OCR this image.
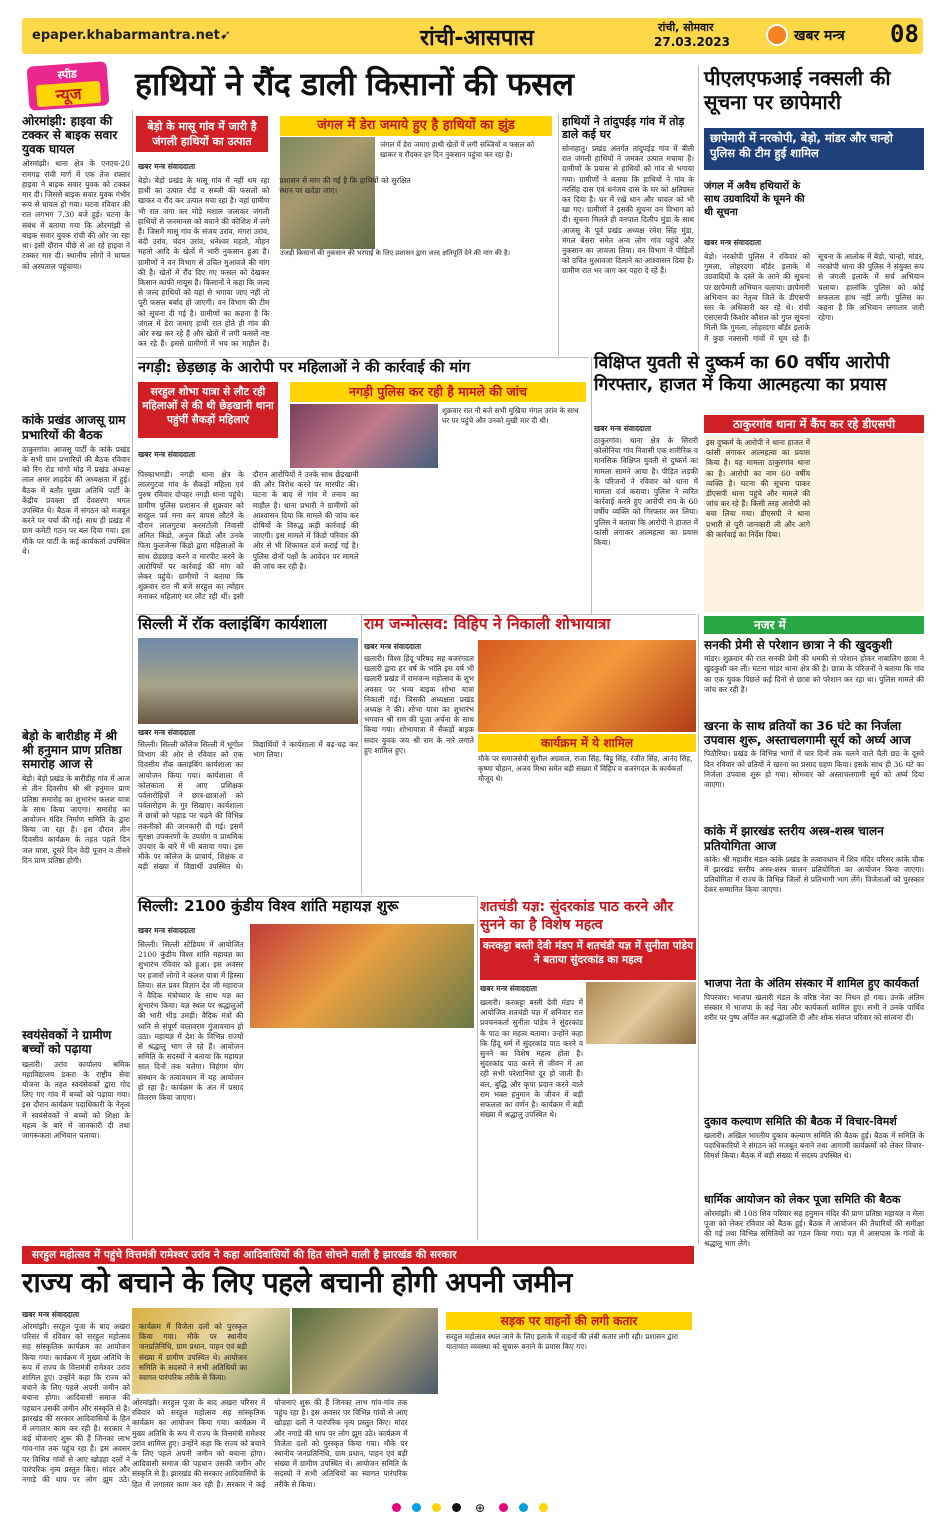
epaper.khabarmantra.net ➹	रांची-आसपास	रांची, सोमवार
27.03.2023	खबर मन्त्र 08
स्पीड
न्यूज	हाथियों ने रौंद डाली किसानों की फसल
ओरमांझी: हाइवा की टक्कर से बाइक सवार युवक घायल
ओरमांझी। थाना क्षेत्र के एनएच-20 रामगढ़ रांची मार्ग में एक तेज रफ्तार हाइवा ने बाइक सवार युवक को टक्कर मार दी। जिससे बाइक सवार युवक गंभीर रूप से घायल हो गया। घटना रविवार की रात लगभग 7.30 बजे हुई। घटना के संबंध में बताया गया कि ओरमांझी से बाइक सवार युवक रांची की ओर जा रहा था। इसी दौरान पीछे से आ रहे हाइवा ने टक्कर मार दी। स्थानीय लोगों ने घायल को अस्पताल पहुंचाया।
कांके प्रखंड आजसू ग्राम प्रभारियों की बैठक
ठाकुरगांव। आजसू पार्टी के कांके प्रखंड के सभी ग्राम प्रभारियों की बैठक रविवार को रिंग रोड मांगो मोड़ में प्रखंड अध्यक्ष लाल अमर शाहदेव की अध्यक्षता में हुई। बैठक में बतौर मुख्य अतिथि पार्टी के केंद्रीय प्रवक्ता डॉ देवशरण भगत उपस्थित थे। बैठक में संगठन को मजबूत करने पर चर्चा की गई। साथ ही प्रखंड में ग्राम कमेटी गठन पर बल दिया गया। इस मौके पर पार्टी के कई कार्यकर्ता उपस्थित थे।
बेड़ो के बारीडीह में श्री श्री हनुमान प्राण प्रतिष्ठा समारोह आज से
बेड़ो। बेड़ो प्रखंड के बारीडीह गांव में आज से तीन दिवसीय श्री श्री हनुमान प्राण प्रतिष्ठा समारोह का शुभारंभ कलश यात्रा के साथ किया जाएगा। समारोह का आयोजन मंदिर निर्माण समिति के द्वारा किया जा रहा है। इस दौरान तीन दिवसीय कार्यक्रम के तहत पहले दिन जल यात्रा, दूसरे दिन वेदी पूजन व तीसरे दिन प्राण प्रतिष्ठा होगी।
स्वयंसेवकों ने ग्रामीण बच्चों को पढ़ाया
खलारी। उरांव कार्यालय श्रमिक महाविद्यालय डकरा के राष्ट्रीय सेवा योजना के तहत स्वयंसेवकों द्वारा गोद लिए गए गांव में बच्चों को पढ़ाया गया। इस दौरान कार्यक्रम पदाधिकारी के नेतृत्व में स्वयंसेवकों ने बच्चों को शिक्षा के महत्व के बारे में जानकारी दी तथा जागरूकता अभियान चलाया।
बेड़ो के मासू गांव में जारी है जंगली हाथियों का उत्पात
जंगल में डेरा जमाये हुए है हाथियों का झुंड
जंगल में डेरा जमाए हाथी खेतों में लगी सब्जियों व फसल को खाकर व रौंदकर हर दिन नुकसान पहुंचा कर रहा है।
उजड़ी किसानों की नुकसान की भरपाई के लिए प्रशासन द्वारा जल्द क्षतिपूर्ति देने की मांग की है।
खबर मन्त्र संवाददाता
बेड़ो। बेड़ो प्रखंड के मासू गांव में नहीं थम रहा हाथी का उत्पात रोड़ं व सब्जी की फसलों को खाकर व रौंद कर उत्पात मचा रहा है। वहां ग्रामीण भी रात जगा कर मोड़े मशाल जलाकर जंगली हाथियों से जनमानस को बचाने की कोशिश में लगे हैं। जिसमें मासू गांव के संजय उरांव, मंगरा उरांव, बंदी उरांव, चंदन उरांव, धनेश्वर महतो, मोहन महतो आदि के खेतों में भारी नुकसान हुआ है। ग्रामीणों ने वन विभाग से उचित मुआवजे की मांग की है। खेतों में रौंद दिए गए फसल को देखकर किसान काफी मायूस हैं। किसानों ने कहा कि जल्द से जल्द हाथियों को यहां से भगाया जाए नहीं तो पूरी फसल बर्बाद हो जाएगी। वन विभाग की टीम को सूचना दी गई है। ग्रामीणों का कहना है कि जंगल में डेरा जमाए हाथी रात होते ही गांव की ओर रुख कर रहे हैं और खेतों में लगी फसलें नष्ट कर रहे हैं। इससे ग्रामीणों में भय का माहौल है। प्रशासन से मांग की गई है कि हाथियों को सुरक्षित स्थान पर खदेड़ा जाए।
हाथियों ने तांदुपईड़ गांव में तोड़ डाले कई घर
सोनाहातु। प्रखंड अंतर्गत तांदुपईड़ गांव में बीती रात जंगली हाथियों ने जमकर उत्पात मचाया है। ग्रामीणों के प्रयास से हाथियों को गांव से भगाया गया। ग्रामीणों ने बताया कि हाथियों ने गांव के नरसिंह दास एवं धनंजय दास के घर को क्षतिग्रस्त कर दिया है। घर में रखे धान और चावल को भी खा गए। ग्रामीणों ने इसकी सूचना वन विभाग को दी। सूचना मिलते ही वनपाल दिलीप मुंडा के साथ आजसू के पूर्व प्रखंड अध्यक्ष रमेश सिंह मुंडा, मंगल बेसरा समेत अन्य लोग गांव पहुंचे और नुकसान का जायजा लिया। वन विभाग ने पीड़ितों को उचित मुआवजा दिलाने का आश्वासन दिया है। ग्रामीण रात भर जाग कर पहरा दे रहे हैं।
पीएलएफआई नक्सली की सूचना पर छापेमारी
छापेमारी में नरकोपी, बेड़ो, मांडर और चान्हो पुलिस की टीम हुई शामिल
जंगल में अवैध हथियारों के साथ उग्रवादियों के घूमने की थी सूचना
खबर मन्त्र संवाददाता
बेड़ो। नरकोपी पुलिस ने रविवार को गुमला, लोहरदगा बॉर्डर इलाके में उग्रवादियों के दस्ते के आने की सूचना पर छापेमारी अभियान चलाया। छापेमारी अभियान का नेतृत्व जिले के डीएसपी स्तर के अधिकारी कर रहे थे। रांची एसएसपी किशोर कौशल को गुप्त सूचना मिली कि गुमला, लोहरदगा बॉर्डर इलाके में कुछ नक्सली गांवों में घूम रहे हैं। सूचना के आलोक में बेड़ो, चान्हो, मांडर, नरकोपी थाना की पुलिस ने संयुक्त रूप से जंगली इलाके में सर्च अभियान चलाया। हालांकि पुलिस को कोई सफलता हाथ नहीं लगी। पुलिस का कहना है कि अभियान लगातार जारी रहेगा।
नगड़ी: छेड़छाड़ के आरोपी पर महिलाओं ने की कार्रवाई की मांग
सरहुल शोभा यात्रा से लौट रही महिलाओं से की थी छेड़खानी थाना पहुंचीं सैकड़ों महिलाएं
नगड़ी पुलिस कर रही है मामले की जांच
शुक्रवार रात नौ बजे सभी मुखिया मंगल उरांव के साथ घर पर पहुंचे और उनको मुखी मार दी थी।
खबर मन्त्र संवाददाता
पिस्काभगड़ी। नगड़ी थाना क्षेत्र के लालगुटवा गांव के सैकड़ों महिला एवं पुरुष रविवार दोपहर नगड़ी थाना पहुंचे। ग्रामीण पुलिस प्रशासन से शुक्रवार को सरहुल पर्व मना कर वापस लौटने के दौरान लालगुटवा करमटोली निवासी अमित किंडो, अनुज किंडो और उनके पिता फुलजेन्स किंडो द्वारा महिलाओं के साथ छेड़छाड़ करने व मारपीट करने के आरोपियों पर कार्रवाई की मांग को लेकर पहुंचे। ग्रामीणों ने बताया कि शुक्रवार रात नौ बजे सरहुल का त्योहार मनाकर महिलाएं घर लौट रही थीं। इसी दौरान आरोपियों ने उनके साथ छेड़खानी की और विरोध करने पर मारपीट की। घटना के बाद से गांव में तनाव का माहौल है। थाना प्रभारी ने ग्रामीणों को आश्वासन दिया कि मामले की जांच कर दोषियों के विरुद्ध कड़ी कार्रवाई की जाएगी। इस मामले में किंडो परिवार की ओर से भी शिकायत दर्ज कराई गई है। पुलिस दोनों पक्षों के आवेदन पर मामले की जांच कर रही है।
विक्षिप्त युवती से दुष्कर्म का 60 वर्षीय आरोपी गिरफ्तार, हाजत में किया आत्महत्या का प्रयास
खबर मन्त्र संवाददाता
ठाकुरगांव। थाना क्षेत्र के सिरारी कोलोनिया गांव निवासी एक शारीरिक व मानसिक विक्षिप्त युवती से दुष्कर्म का मामला सामने आया है। पीड़ित लड़की के परिजनों ने रविवार को थाना में मामला दर्ज कराया। पुलिस ने त्वरित कार्रवाई करते हुए आरोपी राय के 60 वर्षीय व्यक्ति को गिरफ्तार कर लिया। पुलिस ने बताया कि आरोपी ने हाजत में फांसी लगाकर आत्महत्या का प्रयास किया।
ठाकुरगांव थाना में कैंप कर रहे डीएसपी
इस दुष्कर्म के आरोपी ने थाना हाजत में फांसी लगाकर आत्महत्या का प्रयास किया है। यह मामला ठाकुरगांव थाना का है। आरोपी का नाम 60 वर्षीय व्यक्ति है। घटना की सूचना पाकर डीएसपी थाना पहुंचे और मामले की जांच कर रहे हैं। किसी तरह आरोपी को बचा लिया गया। डीएसपी ने थाना प्रभारी से पूरी जानकारी ली और आगे की कार्रवाई का निर्देश दिया।
नजर में
सनकी प्रेमी से परेशान छात्रा ने की खुदकुशी
मांडर। शुक्रवार की रात सनकी प्रेमी की धमकी से परेशान होकर नाबालिग छात्रा ने खुदकुशी कर ली। घटना मांडर थाना क्षेत्र की है। छात्रा के परिजनों ने बताया कि गांव का एक युवक पिछले कई दिनों से छात्रा को परेशान कर रहा था। पुलिस मामले की जांच कर रही है।
खरना के साथ व्रतियों का 36 घंटे का निर्जला उपवास शुरू, अस्ताचलगामी सूर्य को अर्घ्य आज
पिठौरिया। प्रखंड के विभिन्न भागों में चार दिनों तक चलने वाले चैती छठ के दूसरे दिन रविवार को व्रतियों ने खरना का प्रसाद ग्रहण किया। इसके साथ ही 36 घंटे का निर्जला उपवास शुरू हो गया। सोमवार को अस्ताचलगामी सूर्य को अर्घ्य दिया जाएगा।
कांके में झारखंड स्तरीय अस्त्र-शस्त्र चालन प्रतियोगिता आज
कांके। श्री महावीर मंडल कांके प्रखंड के तत्वावधान में शिव मंदिर परिसर कांके चौक में झारखंड स्तरीय अस्त्र-शस्त्र चालन प्रतियोगिता का आयोजन किया जाएगा। प्रतियोगिता में राज्य के विभिन्न जिलों से प्रतिभागी भाग लेंगे। विजेताओं को पुरस्कार देकर सम्मानित किया जाएगा।
भाजपा नेता के अंतिम संस्कार में शामिल हुए कार्यकर्ता
पिपरवार। भाजपा खलारी मंडल के वरिष्ठ नेता का निधन हो गया। उनके अंतिम संस्कार में भाजपा के कई नेता और कार्यकर्ता शामिल हुए। सभी ने उनके पार्थिव शरीर पर पुष्प अर्पित कर श्रद्धांजलि दी और शोक संतप्त परिवार को सांत्वना दी।
दुकाव कल्याण समिति की बैठक में विचार-विमर्श
खलारी। अखिल भारतीय दुकाव कल्याण समिति की बैठक हुई। बैठक में समिति के पदाधिकारियों ने संगठन को मजबूत बनाने तथा आगामी कार्यक्रमों को लेकर विचार-विमर्श किया। बैठक में बड़ी संख्या में सदस्य उपस्थित थे।
धार्मिक आयोजन को लेकर पूजा समिति की बैठक
ओरमांझी। श्री 108 शिव परिवार सह हनुमान मंदिर की प्राण प्रतिष्ठा महायज्ञ व मेला पूजा को लेकर रविवार को बैठक हुई। बैठक में आयोजन की तैयारियों की समीक्षा की गई तथा विभिन्न समितियों का गठन किया गया। यज्ञ में आसपास के गांवों के श्रद्धालु भाग लेंगे।
सिल्ली में रॉक क्लाइंबिंग कार्यशाला
खबर मन्त्र संवाददाता
सिल्ली। सिल्ली कॉलेज सिल्ली में भूगोल विभाग की ओर से रविवार को एक दिवसीय रॉक क्लाइंबिंग कार्यशाला का आयोजन किया गया। कार्यशाला में कोलकाता से आए प्रशिक्षक पर्वतारोहियों ने छात्र-छात्राओं को पर्वतारोहण के गुर सिखाए। कार्यशाला में छात्रों को पहाड़ पर चढ़ने की विभिन्न तकनीकों की जानकारी दी गई। इसमें सुरक्षा उपकरणों के उपयोग व प्राथमिक उपचार के बारे में भी बताया गया। इस मौके पर कॉलेज के प्राचार्य, शिक्षक व बड़ी संख्या में विद्यार्थी उपस्थित थे। विद्यार्थियों ने कार्यशाला में बढ़-चढ़ कर भाग लिया।
राम जन्मोत्सव: विहिप ने निकाली शोभायात्रा
खबर मन्त्र संवाददाता
खलारी। विश्व हिंदू परिषद सह बजरंगदल खलारी द्वारा हर वर्ष के भांति इस वर्ष भी खलारी प्रखंड में रामजन्म महोत्सव के शुभ अवसर पर भव्य बाइक शोभा यात्रा निकाली गई। जिसकी अध्यक्षता प्रखंड अध्यक्ष ने की। शोभा यात्रा का शुभारंभ भगवान श्री राम की पूजा अर्चना के साथ किया गया। शोभायात्रा में सैकड़ों बाइक सवार युवक जय श्री राम के नारे लगाते हुए शामिल हुए।
कार्यक्रम में ये शामिल
मौके पर समाजसेवी सुशील अग्रवाल, राजा सिंह, बिट्टू सिंह, रंजीत सिंह, आनंद सिंह, कृष्णा चौहान, अजय मिश्रा समेत बड़ी संख्या में विहिप व बजरंगदल के कार्यकर्ता मौजूद थे।
सिल्ली: 2100 कुंडीय विश्व शांति महायज्ञ शुरू
खबर मन्त्र संवाददाता
सिल्ली। सिल्ली स्टेडियम में आयोजित 2100 कुंडीय विश्व शांति महायज्ञ का शुभारंभ रविवार को हुआ। इस अवसर पर हजारों लोगों ने कलश यात्रा में हिस्सा लिया। संत प्रवर विज्ञान देव जी महाराज ने वैदिक मंत्रोच्चार के साथ यज्ञ का शुभारंभ किया। यज्ञ स्थल पर श्रद्धालुओं की भारी भीड़ उमड़ी। वैदिक मंत्रों की ध्वनि से संपूर्ण वातावरण गुंजायमान हो उठा। महायज्ञ में देश के विभिन्न राज्यों से श्रद्धालु भाग ले रहे हैं। आयोजन समिति के सदस्यों ने बताया कि महायज्ञ सात दिनों तक चलेगा। विहंगम योग संस्थान के तत्वावधान में यह आयोजन हो रहा है। कार्यक्रम के अंत में प्रसाद वितरण किया जाएगा।
शतचंडी यज्ञ: सुंदरकांड पाठ करने और सुनने का है विशेष महत्व
करकट्टा बस्ती देवी मंडप में शतचंडी यज्ञ में सुनीता पांडेय ने बताया सुंदरकांड का महत्व
खबर मन्त्र संवाददाता
खलारी। करकट्टा बस्ती देवी मंडप में आयोजित शतचंडी यज्ञ में शनिवार रात प्रवचनकर्ता सुनीता पांडेय ने सुंदरकांड के पाठ का महत्व बताया। उन्होंने कहा कि हिंदू धर्म में सुंदरकांड पाठ करने व सुनने का विशेष महत्व होता है। सुंदरकांड पाठ करने से जीवन में आ रही सभी परेशानियां दूर हो जाती हैं। बल, बुद्धि और कृपा प्रदान करने वाले राम भक्त हनुमान के जीवन में बड़ी सफलता का वर्णन है। कार्यक्रम में बड़ी संख्या में श्रद्धालु उपस्थित थे।
सरहुल महोत्सव में पहुंचे वित्तमंत्री रामेश्वर उरांव ने कहा आदिवासियों की हित सोचने वाली है झारखंड की सरकार
राज्य को बचाने के लिए पहले बचानी होगी अपनी जमीन
खबर मन्त्र संवाददाता	सड़क पर वाहनों की लगी कतार
सरहुल महोत्सव स्थल जाने के लिए इलाके में वाहनों की लंबी कतार लगी रही। प्रशासन द्वारा यातायात व्यवस्था को सुचारू बनाने के प्रयास किए गए।
ओरमांझी। सरहुल पूजा के बाद अखरा परिसर में रविवार को सरहुल महोत्सव सह सांस्कृतिक कार्यक्रम का आयोजन किया गया। कार्यक्रम में मुख्य अतिथि के रूप में राज्य के वित्तमंत्री रामेश्वर उरांव शामिल हुए। उन्होंने कहा कि राज्य को बचाने के लिए पहले अपनी जमीन को बचाना होगा। आदिवासी समाज की पहचान उसकी जमीन और संस्कृति से है। झारखंड की सरकार आदिवासियों के हित में लगातार काम कर रही है। सरकार ने कई योजनाएं शुरू की हैं जिनका लाभ गांव-गांव तक पहुंच रहा है। इस अवसर पर विभिन्न गांवों से आए खोड़हा दलों ने पारंपरिक नृत्य प्रस्तुत किए। मांदर और नगाड़े की थाप पर लोग झूम उठे।
ओरमांझी। सरहुल पूजा के बाद अखरा परिसर में रविवार को सरहुल महोत्सव सह सांस्कृतिक कार्यक्रम का आयोजन किया गया। कार्यक्रम में मुख्य अतिथि के रूप में राज्य के वित्तमंत्री रामेश्वर उरांव शामिल हुए। उन्होंने कहा कि राज्य को बचाने के लिए पहले अपनी जमीन को बचाना होगा। आदिवासी समाज की पहचान उसकी जमीन और संस्कृति से है। झारखंड की सरकार आदिवासियों के हित में लगातार काम कर रही है। सरकार ने कई योजनाएं शुरू की हैं जिनका लाभ गांव-गांव तक पहुंच रहा है। इस अवसर पर विभिन्न गांवों से आए खोड़हा दलों ने पारंपरिक नृत्य प्रस्तुत किए। मांदर और नगाड़े की थाप पर लोग झूम उठे। कार्यक्रम में विजेता दलों को पुरस्कृत किया गया। मौके पर स्थानीय जनप्रतिनिधि, ग्राम प्रधान, पाहन एवं बड़ी संख्या में ग्रामीण उपस्थित थे। आयोजन समिति के सदस्यों ने सभी अतिथियों का स्वागत पारंपरिक तरीके से किया।
⊕
